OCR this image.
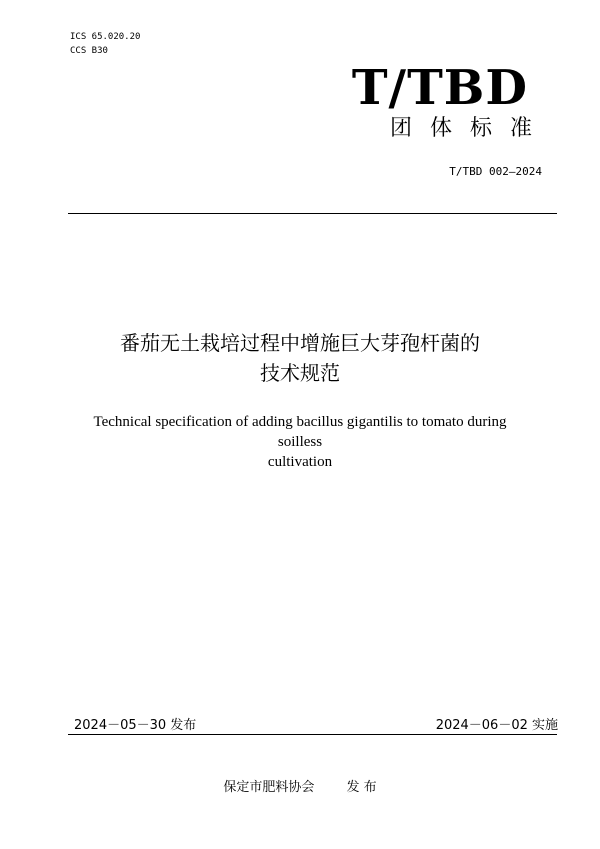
ICS 65.020.20
CCS B30
T/TBD
团体标准
T/TBD 002—2024
番茄无土栽培过程中增施巨大芽孢杆菌的
技术规范
Technical specification of adding bacillus gigantilis to tomato during soilless
cultivation
2024－05－30 发布	2024－06－02 实施
保定市肥料协会 发 布
